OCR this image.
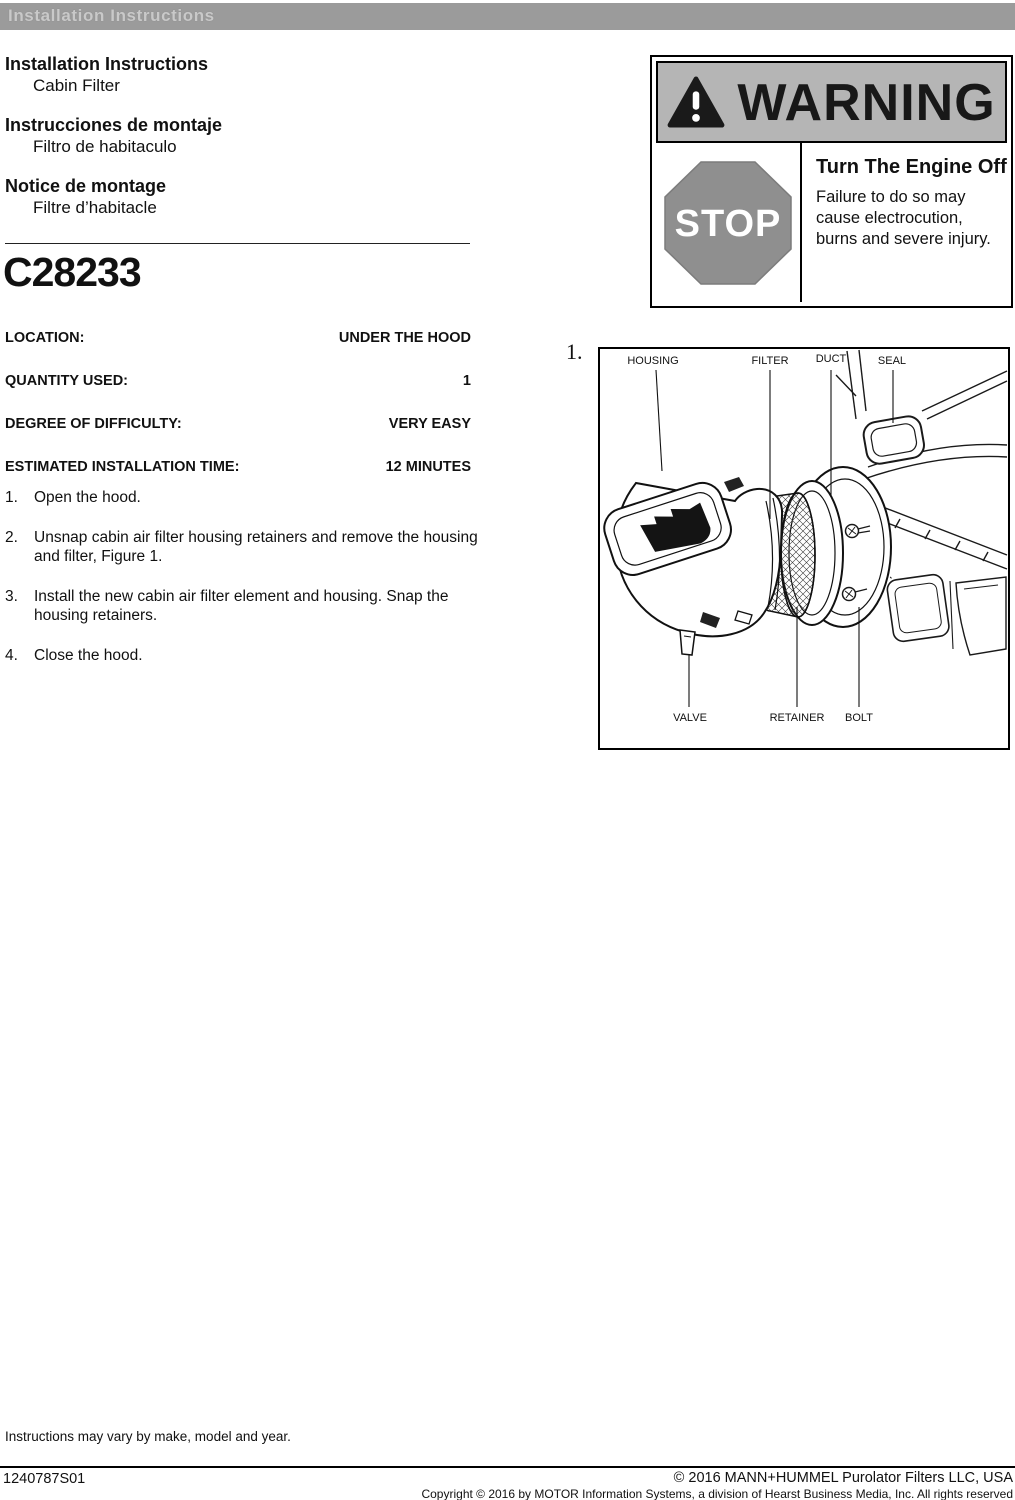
Installation Instructions
Installation Instructions
Cabin Filter
Instrucciones de montaje
Filtro de habitaculo
Notice de montage
Filtre d’habitacle
C28233
LOCATION:	UNDER THE HOOD
QUANTITY USED:	1
DEGREE OF DIFFICULTY:	VERY EASY
ESTIMATED INSTALLATION TIME:	12 MINUTES
1.	Open the hood.
2.	Unsnap cabin air filter housing retainers and remove the housing and filter, Figure 1.
3.	Install the new cabin air filter element and housing. Snap the housing retainers.
4.	Close the hood.
WARNING
STOP
Turn The Engine Off
Failure to do so may cause electrocution, burns and severe injury.
1.	HOUSING	FILTER DUCT	SEAL
VALVE	RETAINER BOLT
Instructions may vary by make, model and year.
1240787S01	© 2016 MANN+HUMMEL Purolator Filters LLC, USA
Copyright © 2016 by MOTOR Information Systems, a division of Hearst Business Media, Inc. All rights reserved
